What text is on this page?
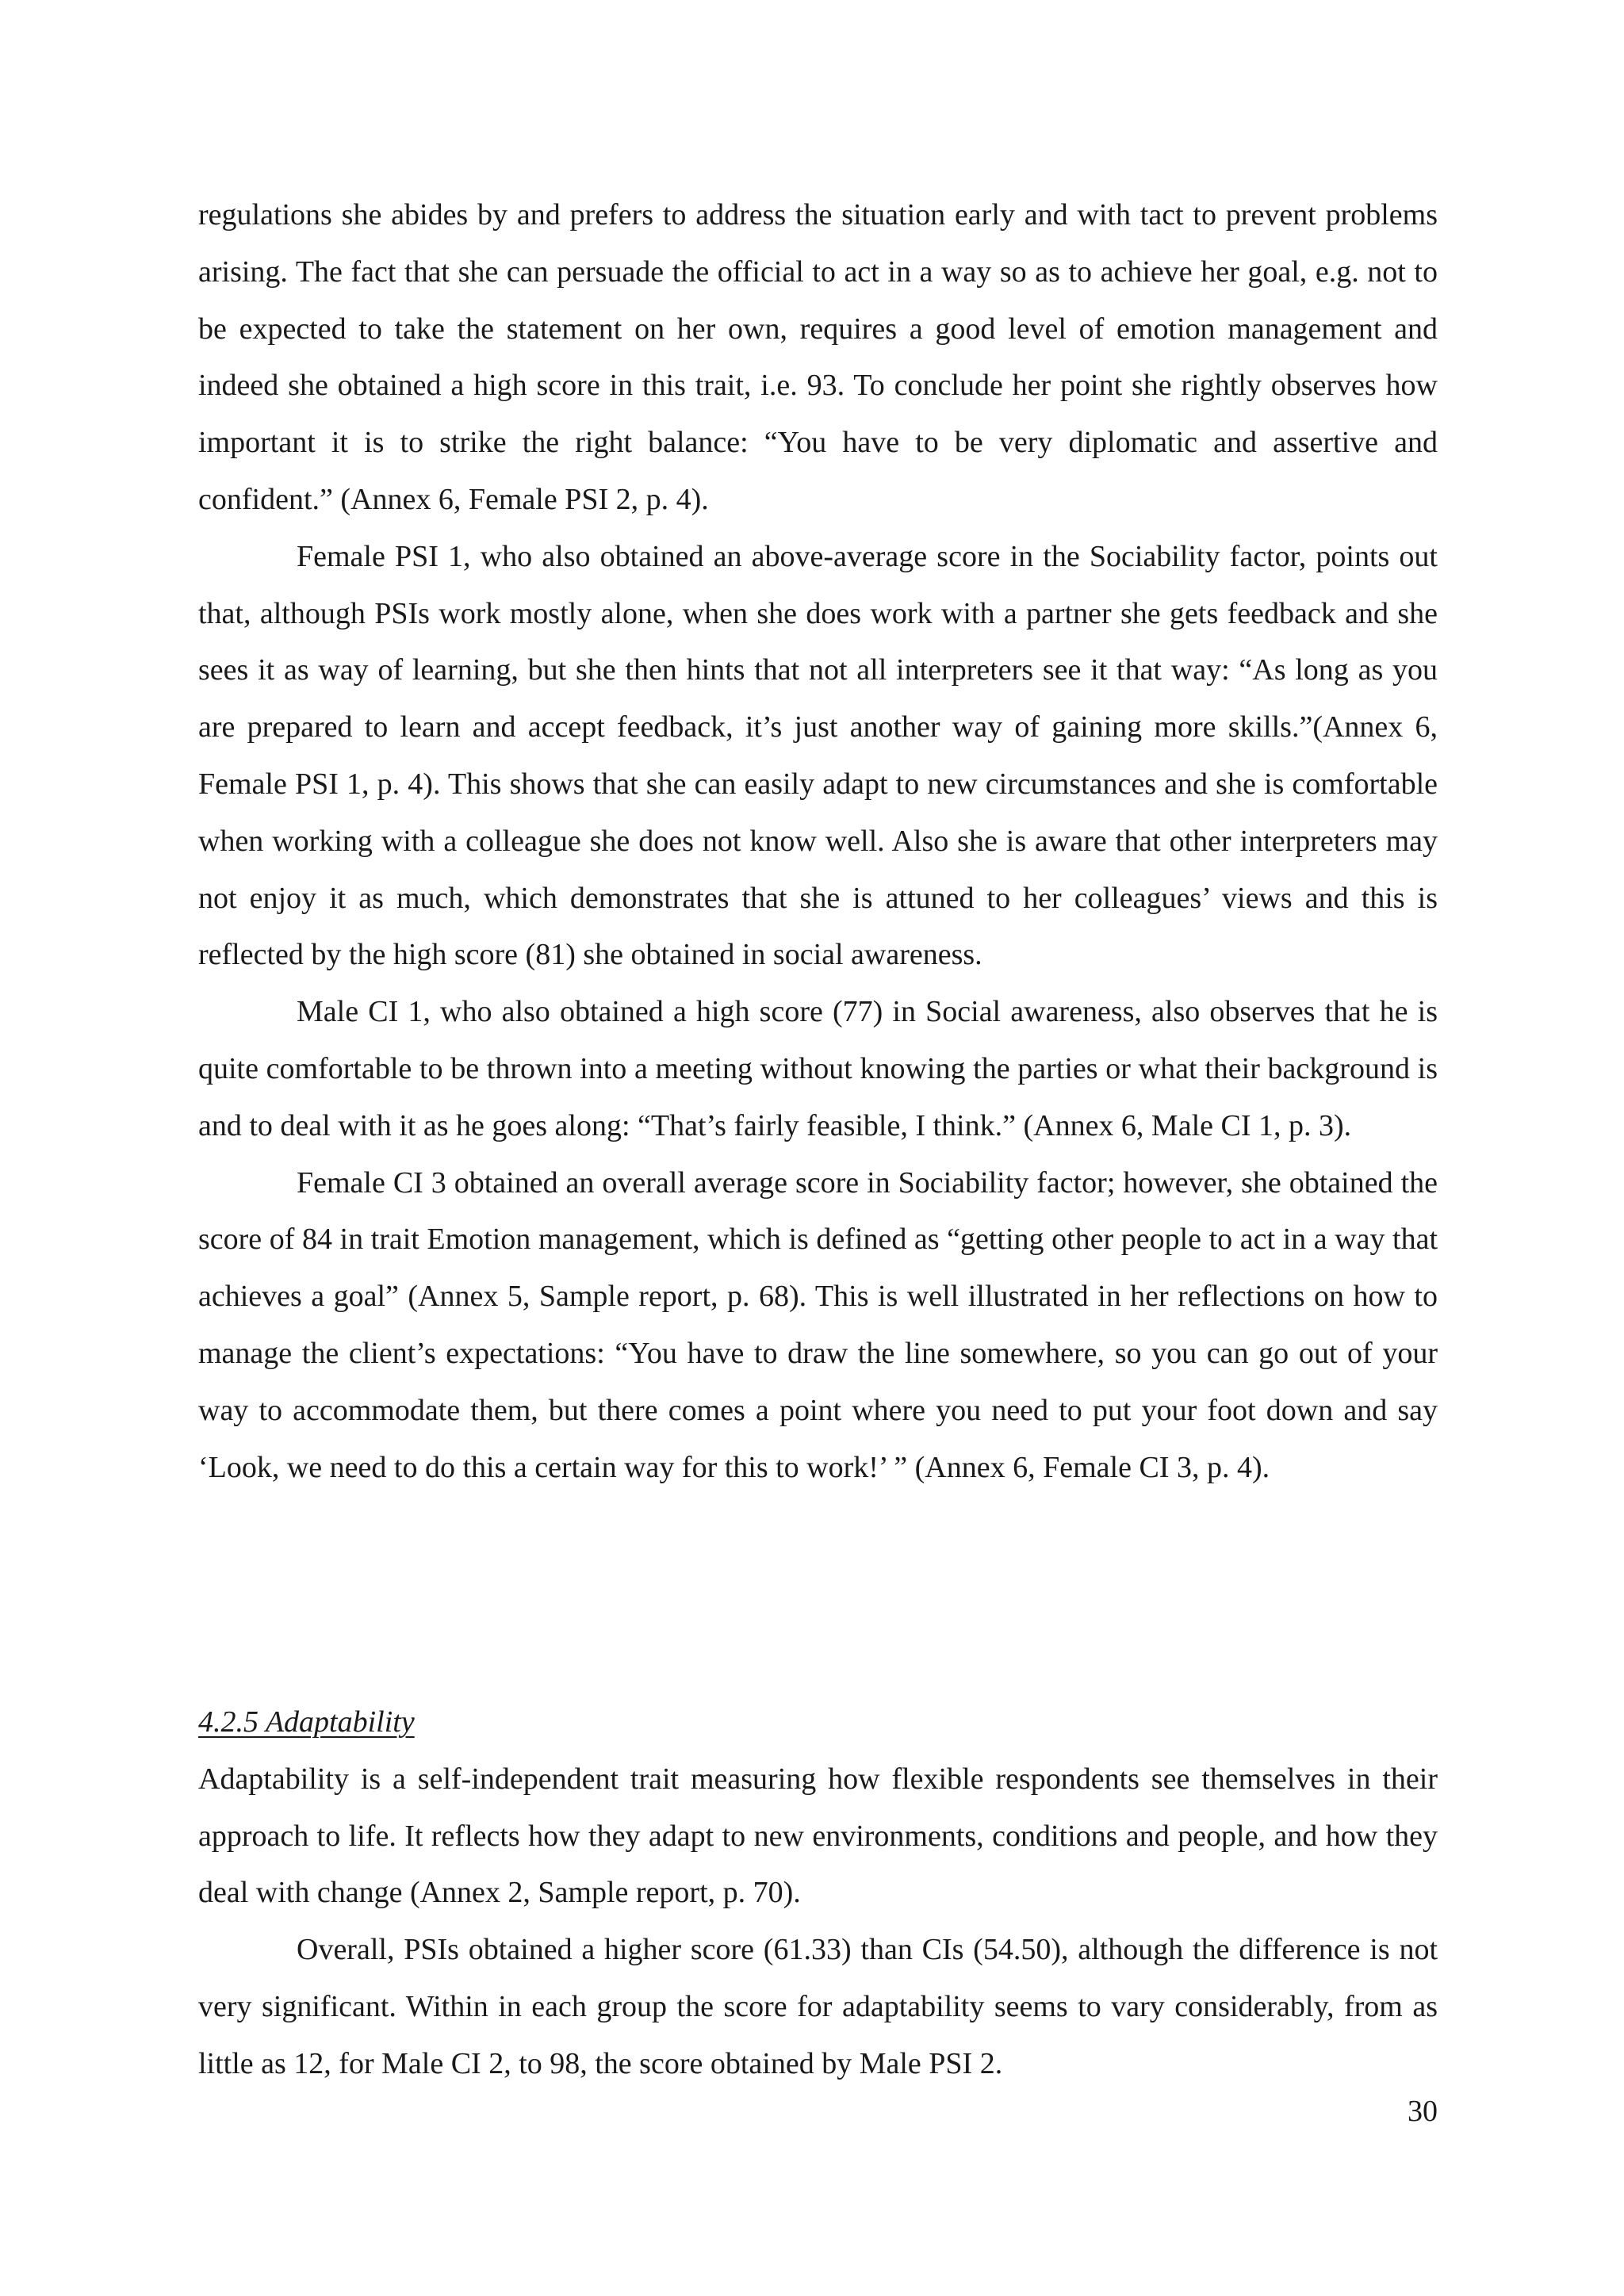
regulations she abides by and prefers to address the situation early and with tact to prevent problems arising. The fact that she can persuade the official to act in a way so as to achieve her goal, e.g. not to be expected to take the statement on her own, requires a good level of emotion management and indeed she obtained a high score in this trait, i.e. 93. To conclude her point she rightly observes how important it is to strike the right balance: “You have to be very diplomatic and assertive and confident.” (Annex 6, Female PSI 2, p. 4).

Female PSI 1, who also obtained an above-average score in the Sociability factor, points out that, although PSIs work mostly alone, when she does work with a partner she gets feedback and she sees it as way of learning, but she then hints that not all interpreters see it that way: “As long as you are prepared to learn and accept feedback, it’s just another way of gaining more skills.”(Annex 6, Female PSI 1, p. 4). This shows that she can easily adapt to new circumstances and she is comfortable when working with a colleague she does not know well. Also she is aware that other interpreters may not enjoy it as much, which demonstrates that she is attuned to her colleagues’ views and this is reflected by the high score (81) she obtained in social awareness.

Male CI 1, who also obtained a high score (77) in Social awareness, also observes that he is quite comfortable to be thrown into a meeting without knowing the parties or what their background is and to deal with it as he goes along: “That’s fairly feasible, I think.” (Annex 6, Male CI 1, p. 3).

Female CI 3 obtained an overall average score in Sociability factor; however, she obtained the score of 84 in trait Emotion management, which is defined as “getting other people to act in a way that achieves a goal” (Annex 5, Sample report, p. 68). This is well illustrated in her reflections on how to manage the client’s expectations: “You have to draw the line somewhere, so you can go out of your way to accommodate them, but there comes a point where you need to put your foot down and say ‘Look, we need to do this a certain way for this to work!’ ” (Annex 6, Female CI 3, p. 4).

4.2.5 Adaptability

Adaptability is a self-independent trait measuring how flexible respondents see themselves in their approach to life. It reflects how they adapt to new environments, conditions and people, and how they deal with change (Annex 2, Sample report, p. 70).

Overall, PSIs obtained a higher score (61.33) than CIs (54.50), although the difference is not very significant. Within in each group the score for adaptability seems to vary considerably, from as little as 12, for Male CI 2, to 98, the score obtained by Male PSI 2.

30
